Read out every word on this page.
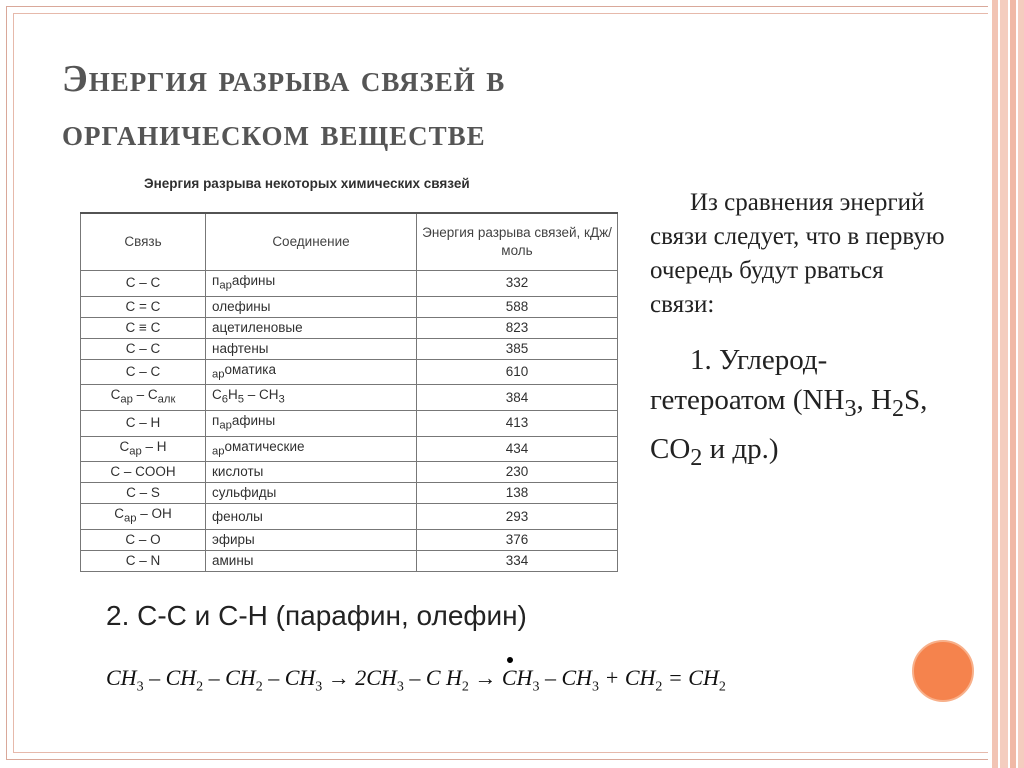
Энергия разрыва связей в
органическом веществе
Энергия разрыва некоторых химических связей
Связь	Соединение	Энергия разрыва связей, кДж/моль
C – C	$п_{ар}афины$	332
C = C	олефины	588
C ≡ C	ацетиленовые	823
C – C	нафтены	385
C – C	$_{ар}$оматика	610
$C_{ар} - C_{алк}$	$C_6H_5 - CH_3$	384
C – H	$п_{ар}афины$	413
$C_{ар}$ – H	$_{ар}$оматические	434
C – COOH	кислоты	230
C – S	сульфиды	138
$C_{ар}$ – OH	фенолы	293
C – O	эфиры	376
C – N	амины	334
Из сравнения энергий связи следует, что в первую очередь будут рваться связи:
1. Углерод-гетероатом ($NH_3$, $H_2S$, $CO_2$ и др.)
2. С-С и С-Н (парафин, олефин)
$CH_3 - CH_2 - CH_2 - CH_3 \to 2CH_3 - C$ $H_2 \to CH_3 - CH_3 + CH_2 = CH_2$
